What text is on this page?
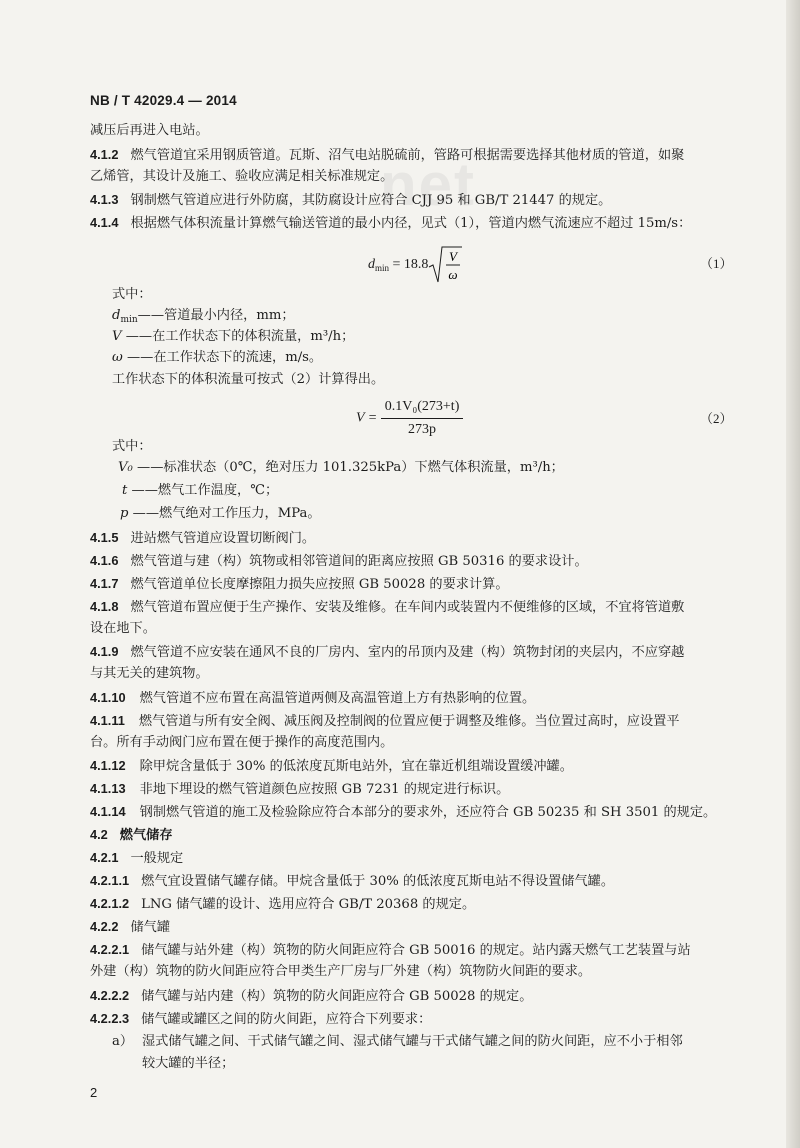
net
NB / T 42029.4 — 2014
减压后再进入电站。
4.1.2 燃气管道宜采用钢质管道。瓦斯、沼气电站脱硫前，管路可根据需要选择其他材质的管道，如聚
乙烯管，其设计及施工、验收应满足相关标准规定。
4.1.3 钢制燃气管道应进行外防腐，其防腐设计应符合 CJJ 95 和 GB/T 21447 的规定。
4.1.4 根据燃气体积流量计算燃气输送管道的最小内径，见式（1），管道内燃气流速应不超过 15m/s：
$d_{min} = 18.8$
V
ω
（1）
式中：
$d_{min}——$管道最小内径，mm；
V ——在工作状态下的体积流量，m³/h；
ω ——在工作状态下的流速，m/s。
工作状态下的体积流量可按式（2）计算得出。
$V = \frac{\text{0.1V₀(273+t)}}{273p}$	（2）
式中：
V₀ ——标准状态（0℃，绝对压力 101.325kPa）下燃气体积流量，m³/h；
t ——燃气工作温度，℃；
p ——燃气绝对工作压力，MPa。
4.1.5 进站燃气管道应设置切断阀门。
4.1.6 燃气管道与建（构）筑物或相邻管道间的距离应按照 GB 50316 的要求设计。
4.1.7 燃气管道单位长度摩擦阻力损失应按照 GB 50028 的要求计算。
4.1.8 燃气管道布置应便于生产操作、安装及维修。在车间内或装置内不便维修的区域，不宜将管道敷
设在地下。
4.1.9 燃气管道不应安装在通风不良的厂房内、室内的吊顶内及建（构）筑物封闭的夹层内，不应穿越
与其无关的建筑物。
4.1.10 燃气管道不应布置在高温管道两侧及高温管道上方有热影响的位置。
4.1.11 燃气管道与所有安全阀、减压阀及控制阀的位置应便于调整及维修。当位置过高时，应设置平
台。所有手动阀门应布置在便于操作的高度范围内。
4.1.12 除甲烷含量低于 30% 的低浓度瓦斯电站外，宜在靠近机组端设置缓冲罐。
4.1.13 非地下埋设的燃气管道颜色应按照 GB 7231 的规定进行标识。
4.1.14 钢制燃气管道的施工及检验除应符合本部分的要求外，还应符合 GB 50235 和 SH 3501 的规定。
4.2 燃气储存
4.2.1 一般规定
4.2.1.1 燃气宜设置储气罐存储。甲烷含量低于 30% 的低浓度瓦斯电站不得设置储气罐。
4.2.1.2 LNG 储气罐的设计、选用应符合 GB/T 20368 的规定。
4.2.2 储气罐
4.2.2.1 储气罐与站外建（构）筑物的防火间距应符合 GB 50016 的规定。站内露天燃气工艺装置与站
外建（构）筑物的防火间距应符合甲类生产厂房与厂外建（构）筑物防火间距的要求。
4.2.2.2 储气罐与站内建（构）筑物的防火间距应符合 GB 50028 的规定。
4.2.2.3 储气罐或罐区之间的防火间距，应符合下列要求：
a） 湿式储气罐之间、干式储气罐之间、湿式储气罐与干式储气罐之间的防火间距，应不小于相邻
较大罐的半径；
2
